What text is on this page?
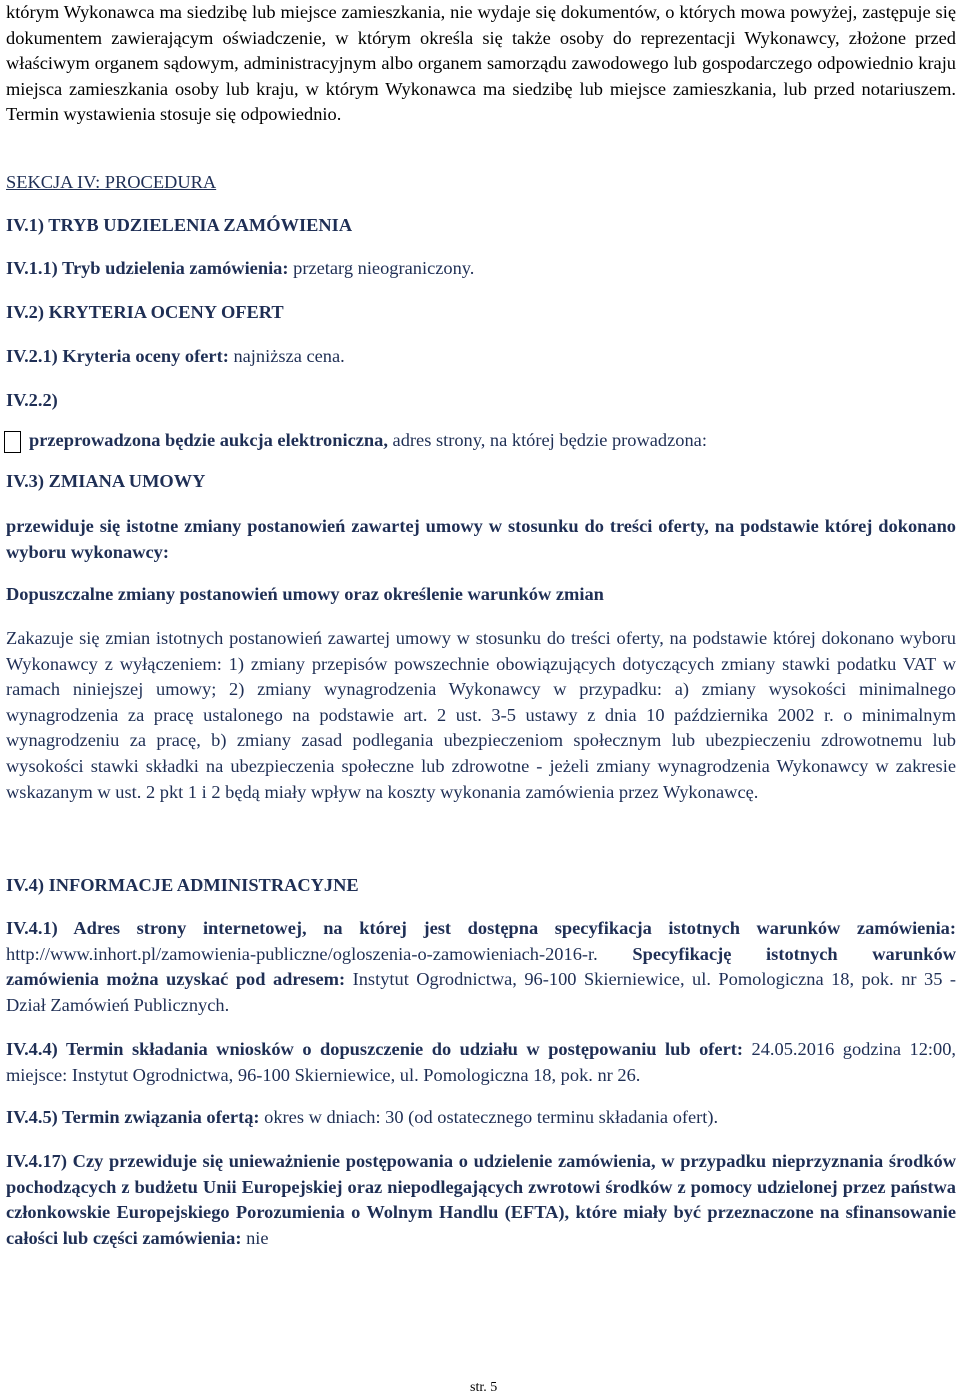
którym Wykonawca ma siedzibę lub miejsce zamieszkania, nie wydaje się dokumentów, o których mowa powyżej, zastępuje się dokumentem zawierającym oświadczenie, w którym określa się także osoby do reprezentacji Wykonawcy, złożone przed właściwym organem sądowym, administracyjnym albo organem samorządu zawodowego lub gospodarczego odpowiednio kraju miejsca zamieszkania osoby lub kraju, w którym Wykonawca ma siedzibę lub miejsce zamieszkania, lub przed notariuszem. Termin wystawienia stosuje się odpowiednio.

SEKCJA IV: PROCEDURA

IV.1) TRYB UDZIELENIA ZAMÓWIENIA

IV.1.1) Tryb udzielenia zamówienia: przetarg nieograniczony.

IV.2) KRYTERIA OCENY OFERT

IV.2.1) Kryteria oceny ofert: najniższa cena.

IV.2.2)

przeprowadzona będzie aukcja elektroniczna, adres strony, na której będzie prowadzona:

IV.3) ZMIANA UMOWY

przewiduje się istotne zmiany postanowień zawartej umowy w stosunku do treści oferty, na podstawie której dokonano wyboru wykonawcy:

Dopuszczalne zmiany postanowień umowy oraz określenie warunków zmian

Zakazuje się zmian istotnych postanowień zawartej umowy w stosunku do treści oferty, na podstawie której dokonano wyboru Wykonawcy z wyłączeniem: 1) zmiany przepisów powszechnie obowiązujących dotyczących zmiany stawki podatku VAT w ramach niniejszej umowy; 2) zmiany wynagrodzenia Wykonawcy w przypadku: a) zmiany wysokości minimalnego wynagrodzenia za pracę ustalonego na podstawie art. 2 ust. 3-5 ustawy z dnia 10 października 2002 r. o minimalnym wynagrodzeniu za pracę, b) zmiany zasad podlegania ubezpieczeniom społecznym lub ubezpieczeniu zdrowotnemu lub wysokości stawki składki na ubezpieczenia społeczne lub zdrowotne - jeżeli zmiany wynagrodzenia Wykonawcy w zakresie wskazanym w ust. 2 pkt 1 i 2 będą miały wpływ na koszty wykonania zamówienia przez Wykonawcę.

IV.4) INFORMACJE ADMINISTRACYJNE

IV.4.1) Adres strony internetowej, na której jest dostępna specyfikacja istotnych warunków zamówienia: http://www.inhort.pl/zamowienia-publiczne/ogloszenia-o-zamowieniach-2016-r. Specyfikację istotnych warunków zamówienia można uzyskać pod adresem: Instytut Ogrodnictwa, 96-100 Skierniewice, ul. Pomologiczna 18, pok. nr 35 - Dział Zamówień Publicznych.

IV.4.4) Termin składania wniosków o dopuszczenie do udziału w postępowaniu lub ofert: 24.05.2016 godzina 12:00, miejsce: Instytut Ogrodnictwa, 96-100 Skierniewice, ul. Pomologiczna 18, pok. nr 26.

IV.4.5) Termin związania ofertą: okres w dniach: 30 (od ostatecznego terminu składania ofert).

IV.4.17) Czy przewiduje się unieważnienie postępowania o udzielenie zamówienia, w przypadku nieprzyznania środków pochodzących z budżetu Unii Europejskiej oraz niepodlegających zwrotowi środków z pomocy udzielonej przez państwa członkowskie Europejskiego Porozumienia o Wolnym Handlu (EFTA), które miały być przeznaczone na sfinansowanie całości lub części zamówienia: nie

str. 5
